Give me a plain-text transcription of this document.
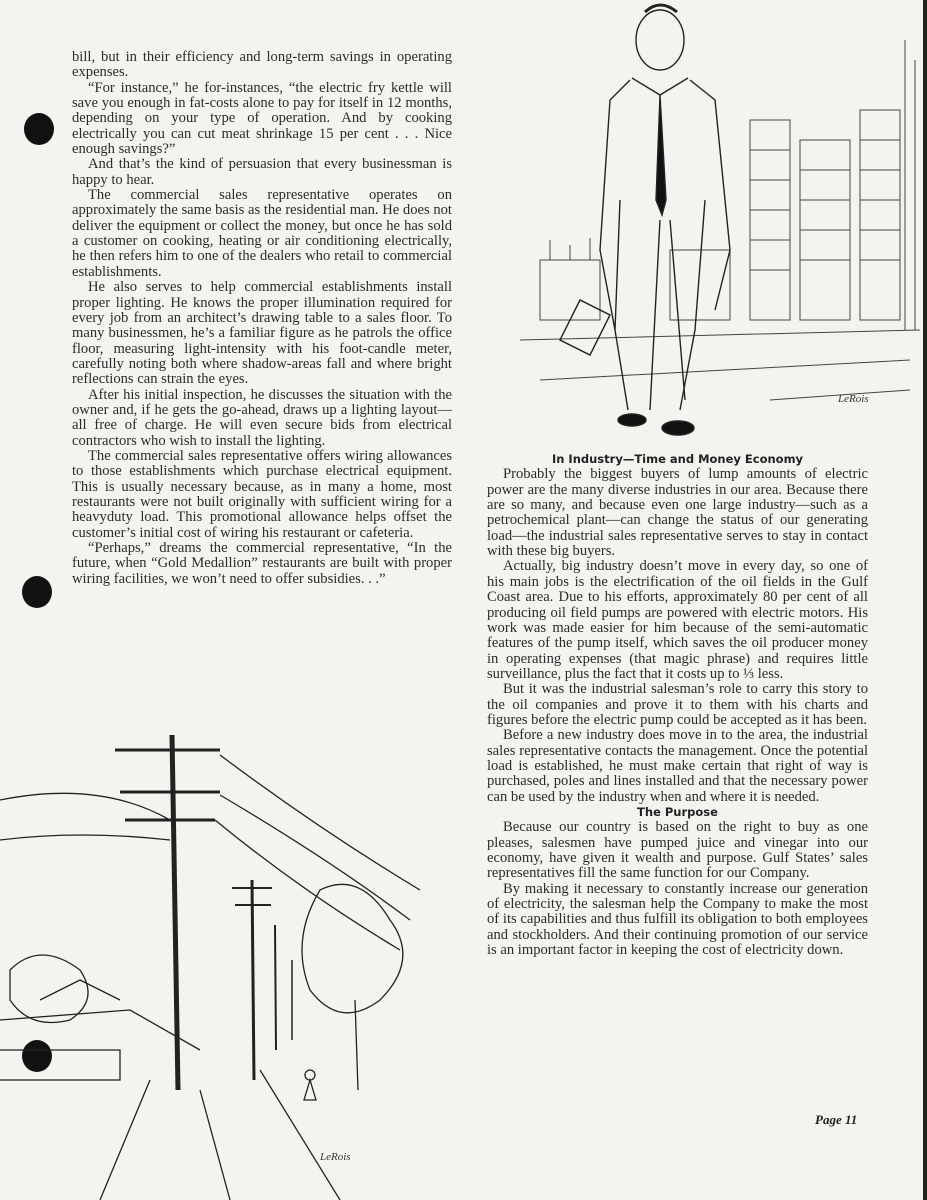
bill, but in their efficiency and long-term savings in operating expenses.

“For instance,” he for-instances, “the electric fry kettle will save you enough in fat-costs alone to pay for itself in 12 months, depending on your type of operation. And by cooking electrically you can cut meat shrinkage 15 per cent . . . Nice enough savings?”

And that’s the kind of persuasion that every businessman is happy to hear.

The commercial sales representative operates on approximately the same basis as the residential man. He does not deliver the equipment or collect the money, but once he has sold a customer on cooking, heating or air conditioning electrically, he then refers him to one of the dealers who retail to commercial establishments.

He also serves to help commercial establishments install proper lighting. He knows the proper illumination required for every job from an architect’s drawing table to a sales floor. To many businessmen, he’s a familiar figure as he patrols the office floor, measuring light-intensity with his foot-candle meter, carefully noting both where shadow-areas fall and where bright reflections can strain the eyes.

After his initial inspection, he discusses the situation with the owner and, if he gets the go-ahead, draws up a lighting layout—all free of charge. He will even secure bids from electrical contractors who wish to install the lighting.

The commercial sales representative offers wiring allowances to those establishments which purchase electrical equipment. This is usually necessary because, as in many a home, most restaurants were not built originally with sufficient wiring for a heavyduty load. This promotional allowance helps offset the customer’s initial cost of wiring his restaurant or cafeteria.

“Perhaps,” dreams the commercial representative, “In the future, when “Gold Medallion” restaurants are built with proper wiring facilities, we won’t need to offer subsidies. . .”

LeRois

In Industry—Time and Money Economy

Probably the biggest buyers of lump amounts of electric power are the many diverse industries in our area. Because there are so many, and because even one large industry—such as a petrochemical plant—can change the status of our generating load—the industrial sales representative serves to stay in contact with these big buyers.

Actually, big industry doesn’t move in every day, so one of his main jobs is the electrification of the oil fields in the Gulf Coast area. Due to his efforts, approximately 80 per cent of all producing oil field pumps are powered with electric motors. His work was made easier for him because of the semi-automatic features of the pump itself, which saves the oil producer money in operating expenses (that magic phrase) and requires little surveillance, plus the fact that it costs up to ⅓ less.

But it was the industrial salesman’s role to carry this story to the oil companies and prove it to them with his charts and figures before the electric pump could be accepted as it has been.

Before a new industry does move in to the area, the industrial sales representative contacts the management. Once the potential load is established, he must make certain that right of way is purchased, poles and lines installed and that the necessary power can be used by the industry when and where it is needed.

The Purpose

Because our country is based on the right to buy as one pleases, salesmen have pumped juice and vinegar into our economy, have given it wealth and purpose. Gulf States’ sales representatives fill the same function for our Company.

By making it necessary to constantly increase our generation of electricity, the salesman help the Company to make the most of its capabilities and thus fulfill its obligation to both employees and stockholders. And their continuing promotion of our service is an important factor in keeping the cost of electricity down.

LeRois
Page 11
